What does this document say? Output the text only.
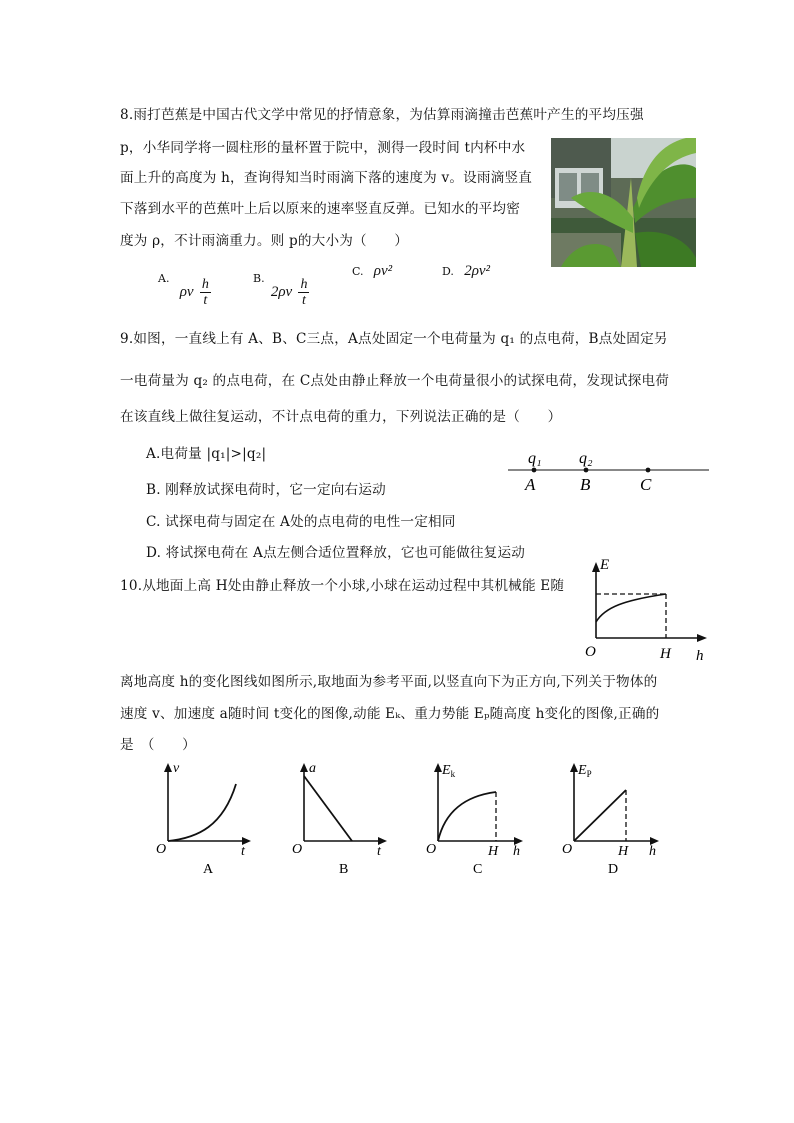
8.雨打芭蕉是中国古代文学中常见的抒情意象，为估算雨滴撞击芭蕉叶产生的平均压强
p，小华同学将一圆柱形的量杯置于院中，测得一段时间 t内杯中水
面上升的高度为 h，查询得知当时雨滴下落的速度为 v。设雨滴竖直
下落到水平的芭蕉叶上后以原来的速率竖直反弹。已知水的平均密
度为 ρ，不计雨滴重力。则 p的大小为（　　）
A. ρv $\frac{h}{t}$	B. $2\rho v \frac{h}{t}$
C. ρv²	D. 2ρv²
9.如图，一直线上有 A、B、C三点，A点处固定一个电荷量为 q₁ 的点电荷，B点处固定另
一电荷量为 q₂ 的点电荷，在 C点处由静止释放一个电荷量很小的试探电荷，发现试探电荷
在该直线上做往复运动，不计点电荷的重力，下列说法正确的是（　　）
A.电荷量 |q₁|>|q₂|
B. 刚释放试探电荷时，它一定向右运动
C. 试探电荷与固定在 A处的点电荷的电性一定相同
D. 将试探电荷在 A点左侧合适位置释放，它也可能做往复运动
q₁ q₂
A	B	C
10.从地面上高 H处由静止释放一个小球,小球在运动过程中其机械能 E随
E
O	H h
离地高度 h的变化图线如图所示,取地面为参考平面,以竖直向下为正方向,下列关于物体的
速度 v、加速度 a随时间 t变化的图像,动能 Eₖ、重力势能 Eₚ随高度 h变化的图像,正确的
是　（　　）
v
O	t
A
a
O	t
B
$E_k$
O	H h
C
$E_P$
O	H h
D
